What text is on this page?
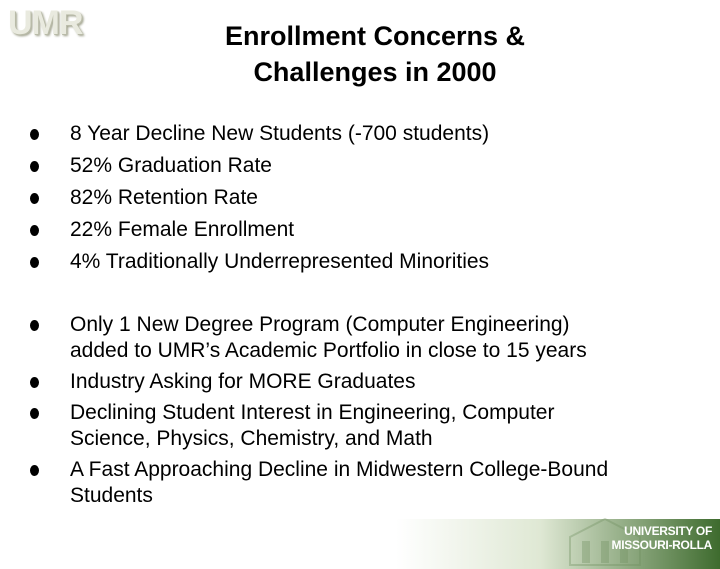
UMR	Enrollment Concerns &
Challenges in 2000
8 Year Decline New Students (-700 students)
52% Graduation Rate
82% Retention Rate
22% Female Enrollment
4% Traditionally Underrepresented Minorities
Only 1 New Degree Program (Computer Engineering)
added to UMR’s Academic Portfolio in close to 15 years
Industry Asking for MORE Graduates
Declining Student Interest in Engineering, Computer
Science, Physics, Chemistry, and Math
A Fast Approaching Decline in Midwestern College-Bound
Students
UNIVERSITY OF
MISSOURI-ROLLA
